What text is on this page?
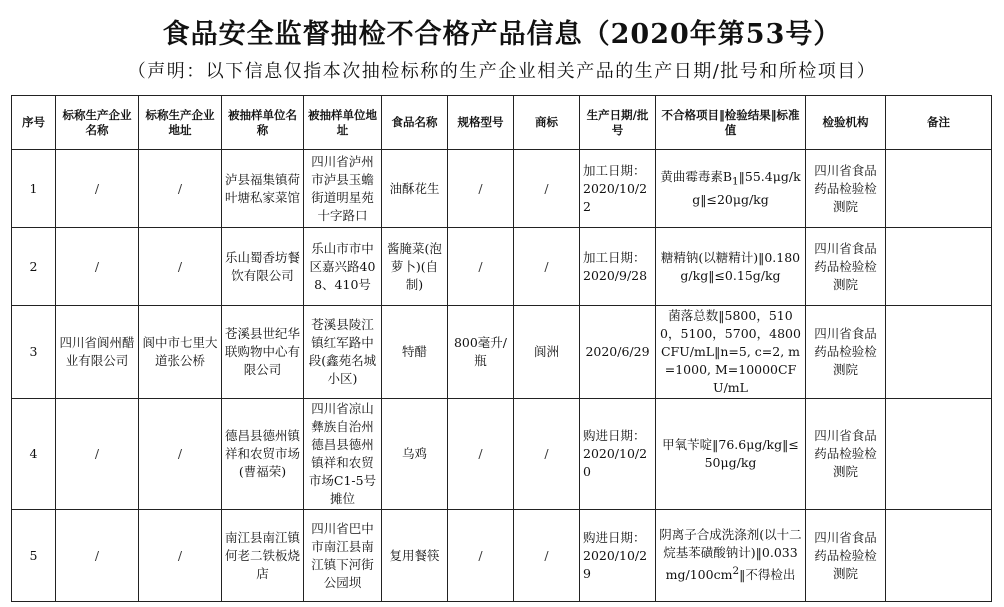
食品安全监督抽检不合格产品信息（2020年第53号）
（声明：以下信息仅指本次抽检标称的生产企业相关产品的生产日期/批号和所检项目）
序号	标称生产企业名称	标称生产企业地址	被抽样单位名称	被抽样单位地址	食品名称	规格型号	商标	生产日期/批号	不合格项目‖检验结果‖标准值	检验机构	备注
1	/	/	泸县福集镇荷叶塘私家菜馆	四川省泸州市泸县玉蟾街道明星苑十字路口	油酥花生	/	/	加工日期：2020/10/22	黄曲霉毒素$B_1‖55.4\mu g/kg‖\le 20\mu g/kg$	四川省食品药品检验检测院	
2	/	/	乐山蜀香坊餐饮有限公司	乐山市市中区嘉兴路408、410号	酱腌菜(泡萝卜)(自制)	/	/	加工日期：2020/9/28	糖精钠(以糖精计)‖0.180g/kg‖≤0.15g/kg	四川省食品药品检验检测院	
3	四川省阆州醋业有限公司	阆中市七里大道张公桥	苍溪县世纪华联购物中心有限公司	苍溪县陵江镇红军路中段(鑫苑名城小区)	特醋	800毫升/瓶	阆洲	2020/6/29	菌落总数‖5800，5100，5100，5700，4800CFU/mL‖n=5, c=2, m=1000, M=10000CFU/mL	四川省食品药品检验检测院	
4	/	/	德昌县德州镇祥和农贸市场(曹福荣)	四川省凉山彝族自治州德昌县德州镇祥和农贸市场C1-5号摊位	乌鸡	/	/	购进日期：2020/10/20	甲氧苄啶‖76.6μg/kg‖≤50μg/kg	四川省食品药品检验检测院	
5	/	/	南江县南江镇何老二铁板烧店	四川省巴中市南江县南江镇下河街公园坝	复用餐筷	/	/	购进日期：2020/10/29	阴离子合成洗涤剂(以十二烷基苯磺酸钠计)$‖0.033mg/100cm^2‖$不得检出	四川省食品药品检验检测院	
